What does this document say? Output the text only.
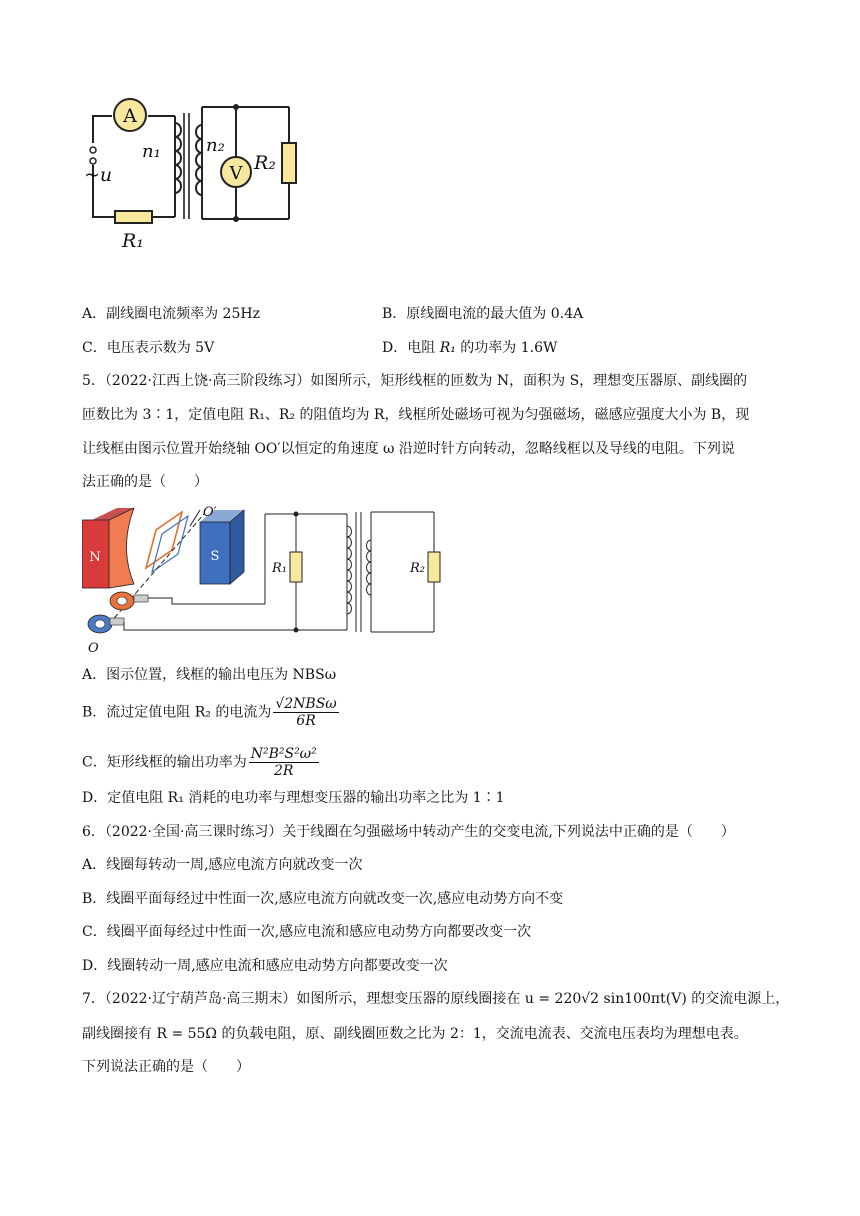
A
V
n₁	n₂
~u
R₁
R₂
A．副线圈电流频率为 25Hz	B．原线圈电流的最大值为 0.4A
C．电压表示数为 5V	D．电阻 R₁ 的功率为 1.6W
5．（2022·江西上饶·高三阶段练习）如图所示，矩形线框的匝数为 N，面积为 S，理想变压器原、副线圈的
匝数比为 3∶1，定值电阻 R₁、R₂ 的阻值均为 R，线框所处磁场可视为匀强磁场，磁感应强度大小为 B，现
让线框由图示位置开始绕轴 OO′以恒定的角速度 ω 沿逆时针方向转动，忽略线框以及导线的电阻。下列说
法正确的是（　　）
N	S
O′
O
R₁	R₂
A．图示位置，线框的输出电压为 NBSω
B．流过定值电阻 R₂ 的电流为 $\frac{\text{√2NBSω}}{6R}$
C．矩形线框的输出功率为 $\frac{\text{N²B²S²ω²}}{2R}$
D．定值电阻 R₁ 消耗的电功率与理想变压器的输出功率之比为 1∶1
6．（2022·全国·高三课时练习）关于线圈在匀强磁场中转动产生的交变电流,下列说法中正确的是（　　）
A．线圈每转动一周,感应电流方向就改变一次
B．线圈平面每经过中性面一次,感应电流方向就改变一次,感应电动势方向不变
C．线圈平面每经过中性面一次,感应电流和感应电动势方向都要改变一次
D．线圈转动一周,感应电流和感应电动势方向都要改变一次
7．（2022·辽宁葫芦岛·高三期末）如图所示，理想变压器的原线圈接在 u = 220√2 sin100πt(V) 的交流电源上，
副线圈接有 R = 55Ω 的负载电阻，原、副线圈匝数之比为 2：1，交流电流表、交流电压表均为理想电表。
下列说法正确的是（　　）
